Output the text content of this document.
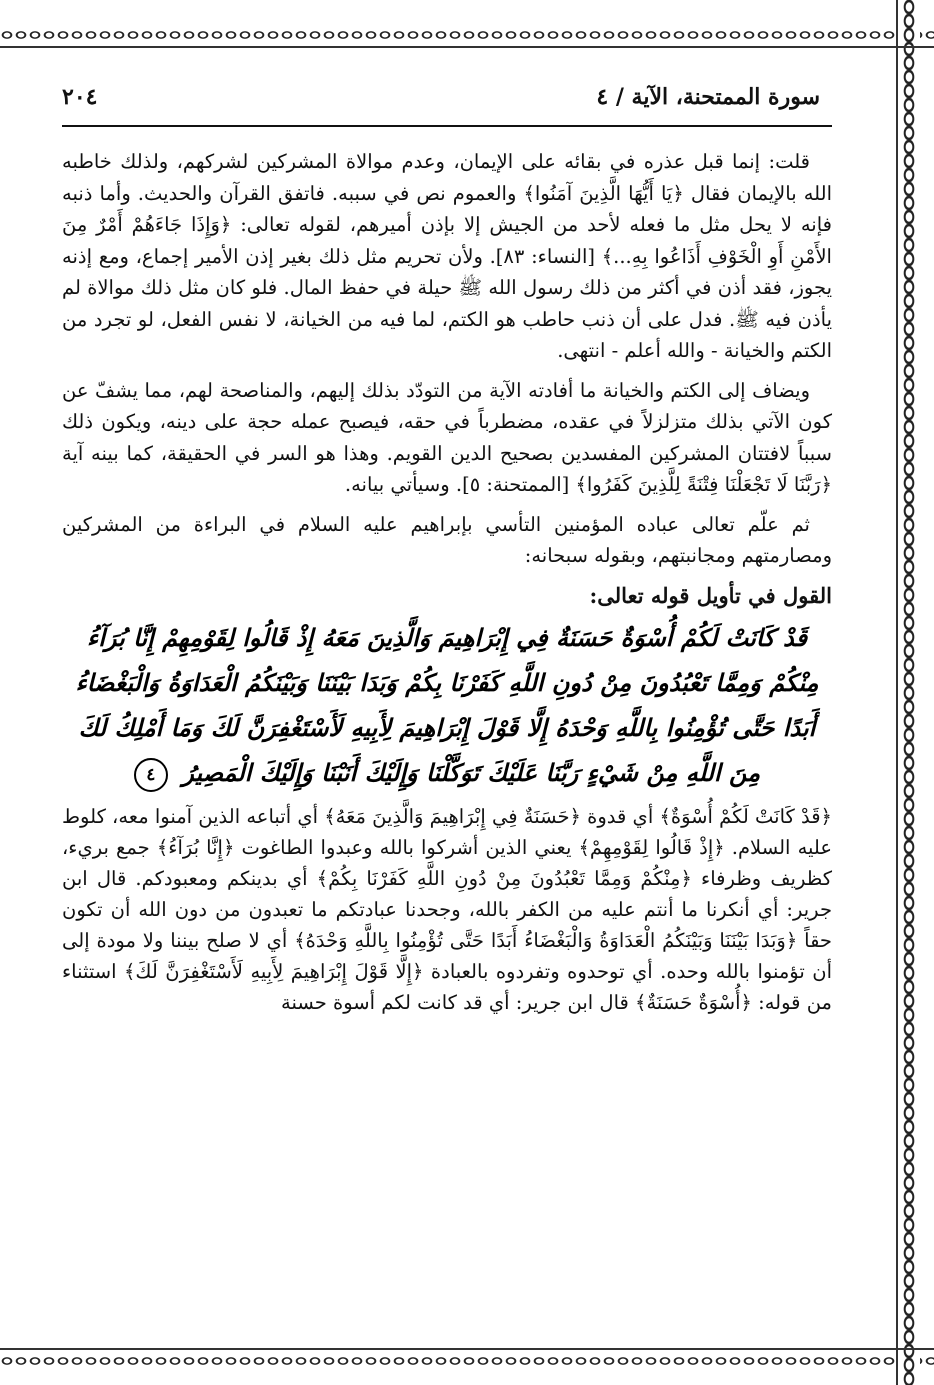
٢٠٤	سورة الممتحنة، الآية / ٤

قلت: إنما قبل عذره في بقائه على الإيمان، وعدم موالاة المشركين لشركهم، ولذلك خاطبه الله بالإيمان فقال ﴿يَا أَيُّهَا الَّذِينَ آمَنُوا﴾ والعموم نص في سببه. فاتفق القرآن والحديث. وأما ذنبه فإنه لا يحل مثل ما فعله لأحد من الجيش إلا بإذن أميرهم، لقوله تعالى: ﴿وَإِذَا جَاءَهُمْ أَمْرٌ مِنَ الأَمْنِ أَوِ الْخَوْفِ أَذَاعُوا بِهِ...﴾ [النساء: ٨٣]. ولأن تحريم مثل ذلك بغير إذن الأمير إجماع، ومع إذنه يجوز، فقد أذن في أكثر من ذلك رسول الله ﷺ حيلة في حفظ المال. فلو كان مثل ذلك موالاة لم يأذن فيه ﷺ. فدل على أن ذنب حاطب هو الكتم، لما فيه من الخيانة، لا نفس الفعل، لو تجرد من الكتم والخيانة - والله أعلم - انتهى.

ويضاف إلى الكتم والخيانة ما أفادته الآية من التودّد بذلك إليهم، والمناصحة لهم، مما يشفّ عن كون الآتي بذلك متزلزلاً في عقده، مضطرباً في حقه، فيصبح عمله حجة على دينه، ويكون ذلك سبباً لافتتان المشركين المفسدين بصحيح الدين القويم. وهذا هو السر في الحقيقة، كما بينه آية ﴿رَبَّنَا لَا تَجْعَلْنَا فِتْنَةً لِلَّذِينَ كَفَرُوا﴾ [الممتحنة: ٥]. وسيأتي بيانه.

ثم علّم تعالى عباده المؤمنين التأسي بإبراهيم عليه السلام في البراءة من المشركين ومصارمتهم ومجانبتهم، وبقوله سبحانه:

القول في تأويل قوله تعالى:
قَدْ كَانَتْ لَكُمْ أُسْوَةٌ حَسَنَةٌ فِي إِبْرَاهِيمَ وَالَّذِينَ مَعَهُ إِذْ قَالُوا لِقَوْمِهِمْ إِنَّا بُرَآءُ مِنْكُمْ وَمِمَّا تَعْبُدُونَ مِنْ دُونِ اللَّهِ كَفَرْنَا بِكُمْ وَبَدَا بَيْنَنَا وَبَيْنَكُمُ الْعَدَاوَةُ وَالْبَغْضَاءُ أَبَدًا حَتَّى تُؤْمِنُوا بِاللَّهِ وَحْدَهُ إِلَّا قَوْلَ إِبْرَاهِيمَ لِأَبِيهِ لَأَسْتَغْفِرَنَّ لَكَ وَمَا أَمْلِكُ لَكَ مِنَ اللَّهِ مِنْ شَيْءٍ رَبَّنَا عَلَيْكَ تَوَكَّلْنَا وَإِلَيْكَ أَنَبْنَا وَإِلَيْكَ الْمَصِيرُ ٤
﴿قَدْ كَانَتْ لَكُمْ أُسْوَةٌ﴾ أي قدوة ﴿حَسَنَةٌ فِي إِبْرَاهِيمَ وَالَّذِينَ مَعَهُ﴾ أي أتباعه الذين آمنوا معه، كلوط عليه السلام. ﴿إِذْ قَالُوا لِقَوْمِهِمْ﴾ يعني الذين أشركوا بالله وعبدوا الطاغوت ﴿إِنَّا بُرَآءُ﴾ جمع بريء، كظريف وظرفاء ﴿مِنْكُمْ وَمِمَّا تَعْبُدُونَ مِنْ دُونِ اللَّهِ كَفَرْنَا بِكُمْ﴾ أي بدينكم ومعبودكم. قال ابن جرير: أي أنكرنا ما أنتم عليه من الكفر بالله، وجحدنا عبادتكم ما تعبدون من دون الله أن تكون حقاً ﴿وَبَدَا بَيْنَنَا وَبَيْنَكُمُ الْعَدَاوَةُ وَالْبَغْضَاءُ أَبَدًا حَتَّى تُؤْمِنُوا بِاللَّهِ وَحْدَهُ﴾ أي لا صلح بيننا ولا مودة إلى أن تؤمنوا بالله وحده. أي توحدوه وتفردوه بالعبادة ﴿إِلَّا قَوْلَ إِبْرَاهِيمَ لِأَبِيهِ لَأَسْتَغْفِرَنَّ لَكَ﴾ استثناء من قوله: ﴿أُسْوَةٌ حَسَنَةٌ﴾ قال ابن جرير: أي قد كانت لكم أسوة حسنة
